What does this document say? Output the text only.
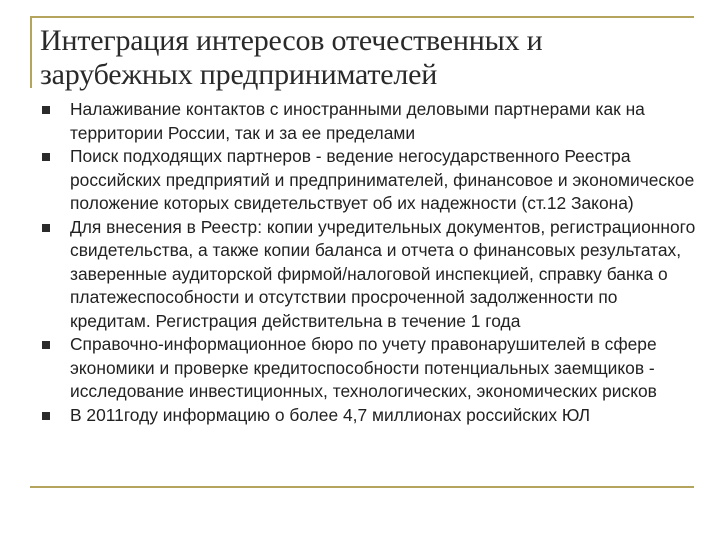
Интеграция интересов отечественных и зарубежных предпринимателей
Налаживание контактов с иностранными деловыми партнерами как на территории России, так и за ее пределами
Поиск подходящих партнеров - ведение негосударственного Реестра российских предприятий и предпринимателей, финансовое и экономическое положение которых свидетельствует об их надежности (ст.12 Закона)
Для внесения в Реестр: копии учредительных документов, регистрационного свидетельства, а также копии баланса и отчета о финансовых результатах, заверенные аудиторской фирмой/налоговой инспекцией, справку банка о платежеспособности и отсутствии просроченной задолженности по кредитам. Регистрация действительна в течение 1 года
Справочно-информационное бюро по учету правонарушителей в сфере экономики и проверке кредитоспособности потенциальных заемщиков - исследование инвестиционных, технологических, экономических рисков
В 2011году информацию о более 4,7 миллионах российских ЮЛ
